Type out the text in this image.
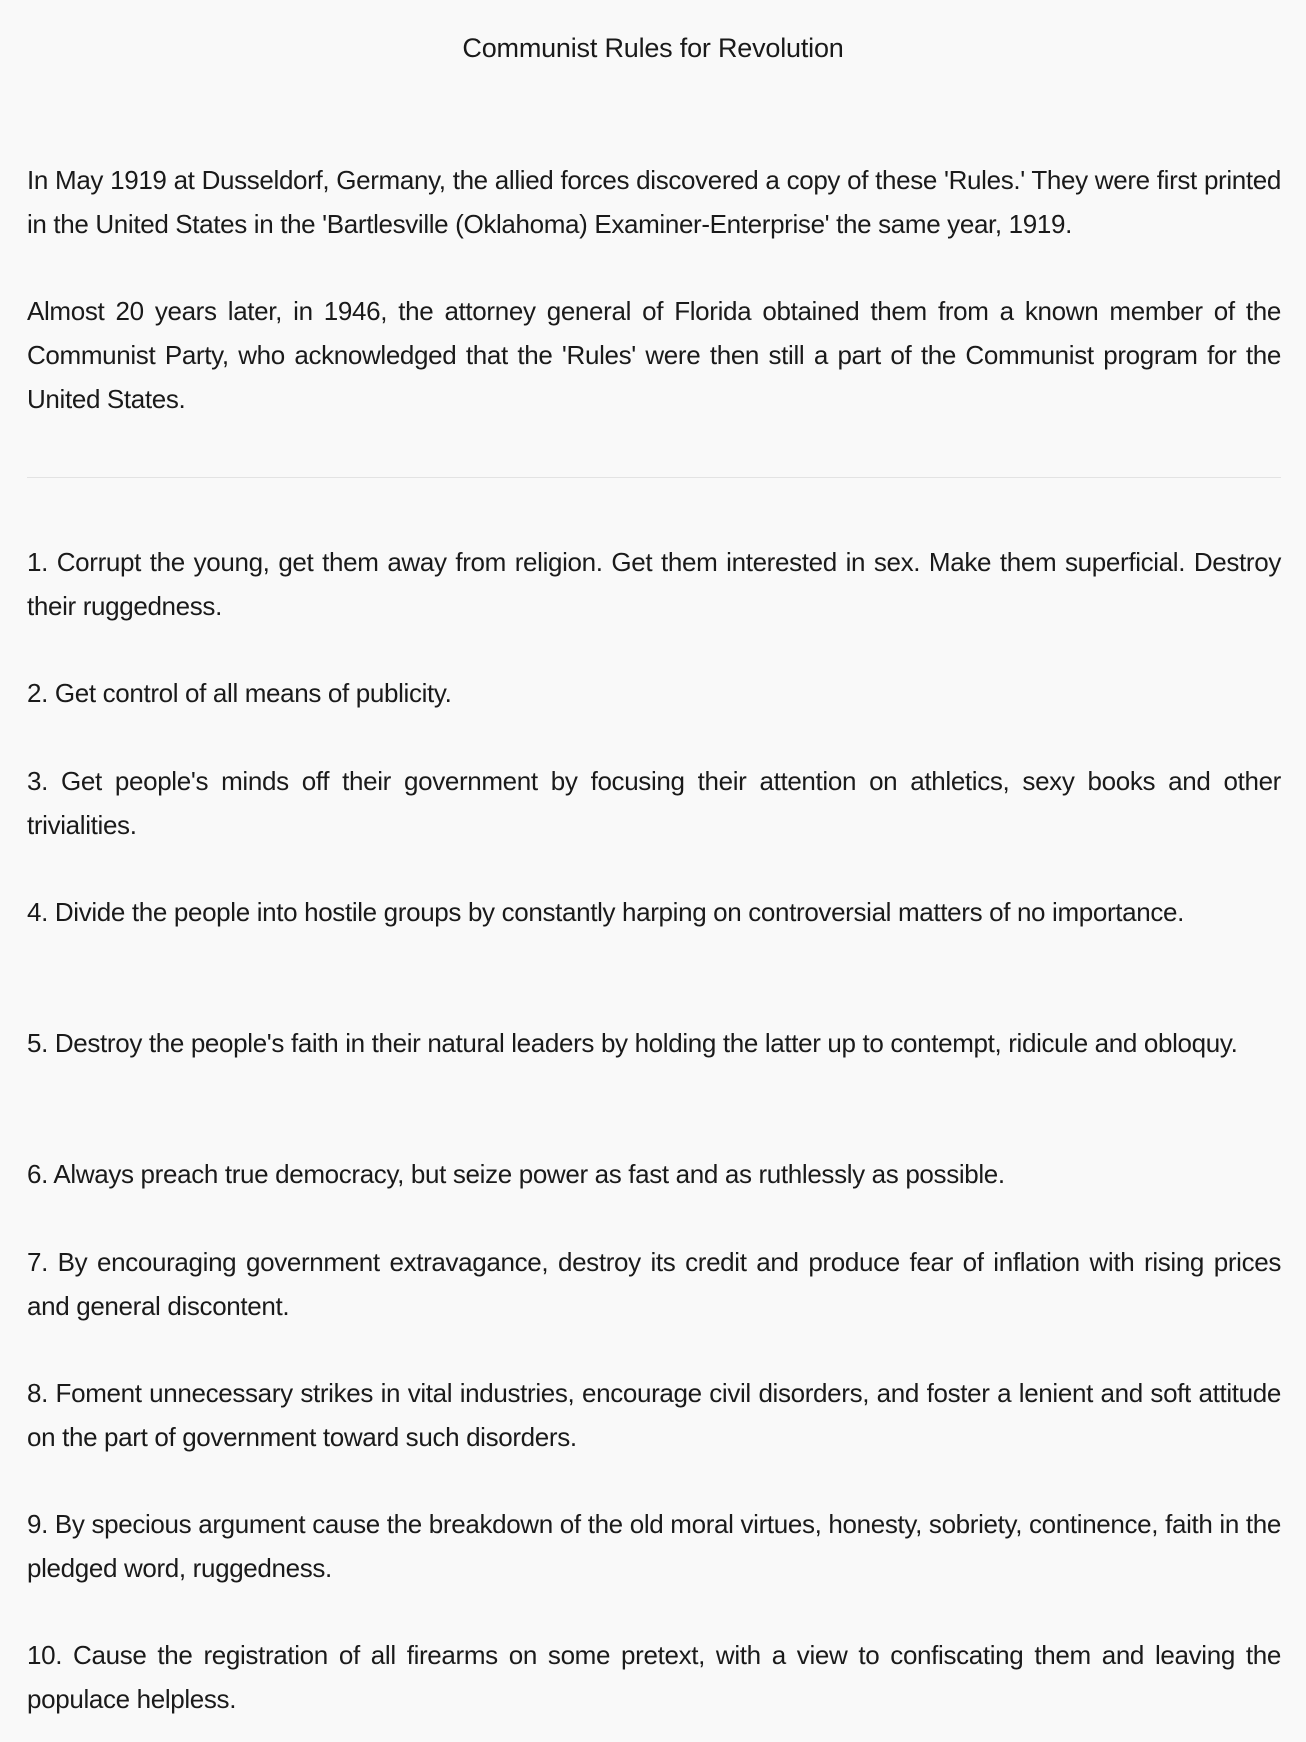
Communist Rules for Revolution

In May 1919 at Dusseldorf, Germany, the allied forces discovered a copy of these 'Rules.' They were first printed in the United States in the 'Bartlesville (Oklahoma) Examiner-Enterprise' the same year, 1919.

Almost 20 years later, in 1946, the attorney general of Florida obtained them from a known member of the Communist Party, who acknowledged that the 'Rules' were then still a part of the Communist program for the United States.

1. Corrupt the young, get them away from religion. Get them interested in sex. Make them superficial. Destroy their ruggedness.

2. Get control of all means of publicity.

3. Get people's minds off their government by focusing their attention on athletics, sexy books and other trivialities.

4. Divide the people into hostile groups by constantly harping on controversial matters of no importance.

5. Destroy the people's faith in their natural leaders by holding the latter up to contempt, ridicule and obloquy.

6. Always preach true democracy, but seize power as fast and as ruthlessly as possible.

7. By encouraging government extravagance, destroy its credit and produce fear of inflation with rising prices and general discontent.

8. Foment unnecessary strikes in vital industries, encourage civil disorders, and foster a lenient and soft attitude on the part of government toward such disorders.

9. By specious argument cause the breakdown of the old moral virtues, honesty, sobriety, continence, faith in the pledged word, ruggedness.

10. Cause the registration of all firearms on some pretext, with a view to confiscating them and leaving the populace helpless.
